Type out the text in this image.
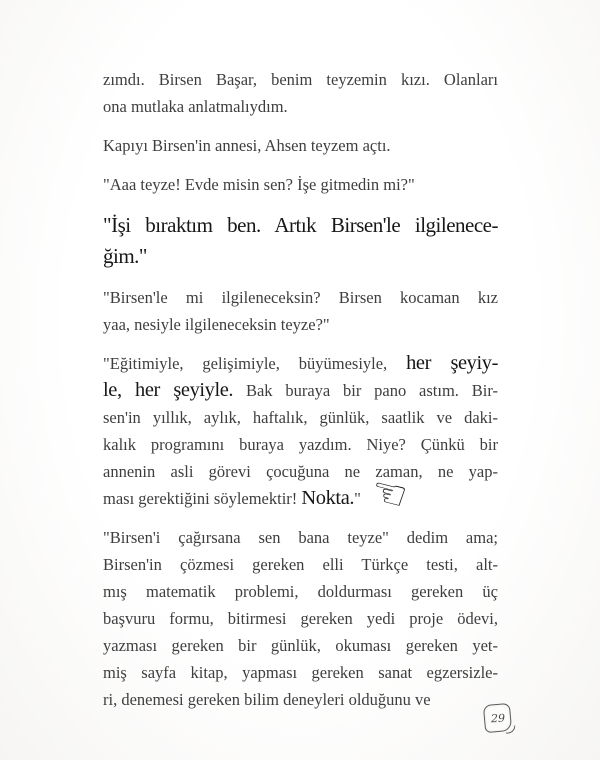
zımdı. Birsen Başar, benim teyzemin kızı. Olanları
ona mutlaka anlatmalıydım.
Kapıyı Birsen'in annesi, Ahsen teyzem açtı.
"Aaa teyze! Evde misin sen? İşe gitmedin mi?"
"İşi bıraktım ben. Artık Birsen'le ilgilenece-
ğim."
"Birsen'le mi ilgileneceksin? Birsen kocaman kız
yaa, nesiyle ilgileneceksin teyze?"
"Eğitimiyle, gelişimiyle, büyümesiyle, her şeyiy-
le, her şeyiyle. Bak buraya bir pano astım. Bir-
sen'in yıllık, aylık, haftalık, günlük, saatlik ve daki-
kalık programını buraya yazdım. Niye? Çünkü bir
annenin asli görevi çocuğuna ne zaman, ne yap-
ması gerektiğini söylemektir! Nokta." ☜
"Birsen'i çağırsana sen bana teyze" dedim ama;
Birsen'in çözmesi gereken elli Türkçe testi, alt-
mış matematik problemi, doldurması gereken üç
başvuru formu, bitirmesi gereken yedi proje ödevi,
yazması gereken bir günlük, okuması gereken yet-
miş sayfa kitap, yapması gereken sanat egzersizle-
ri, denemesi gereken bilim deneyleri olduğunu ve
29
